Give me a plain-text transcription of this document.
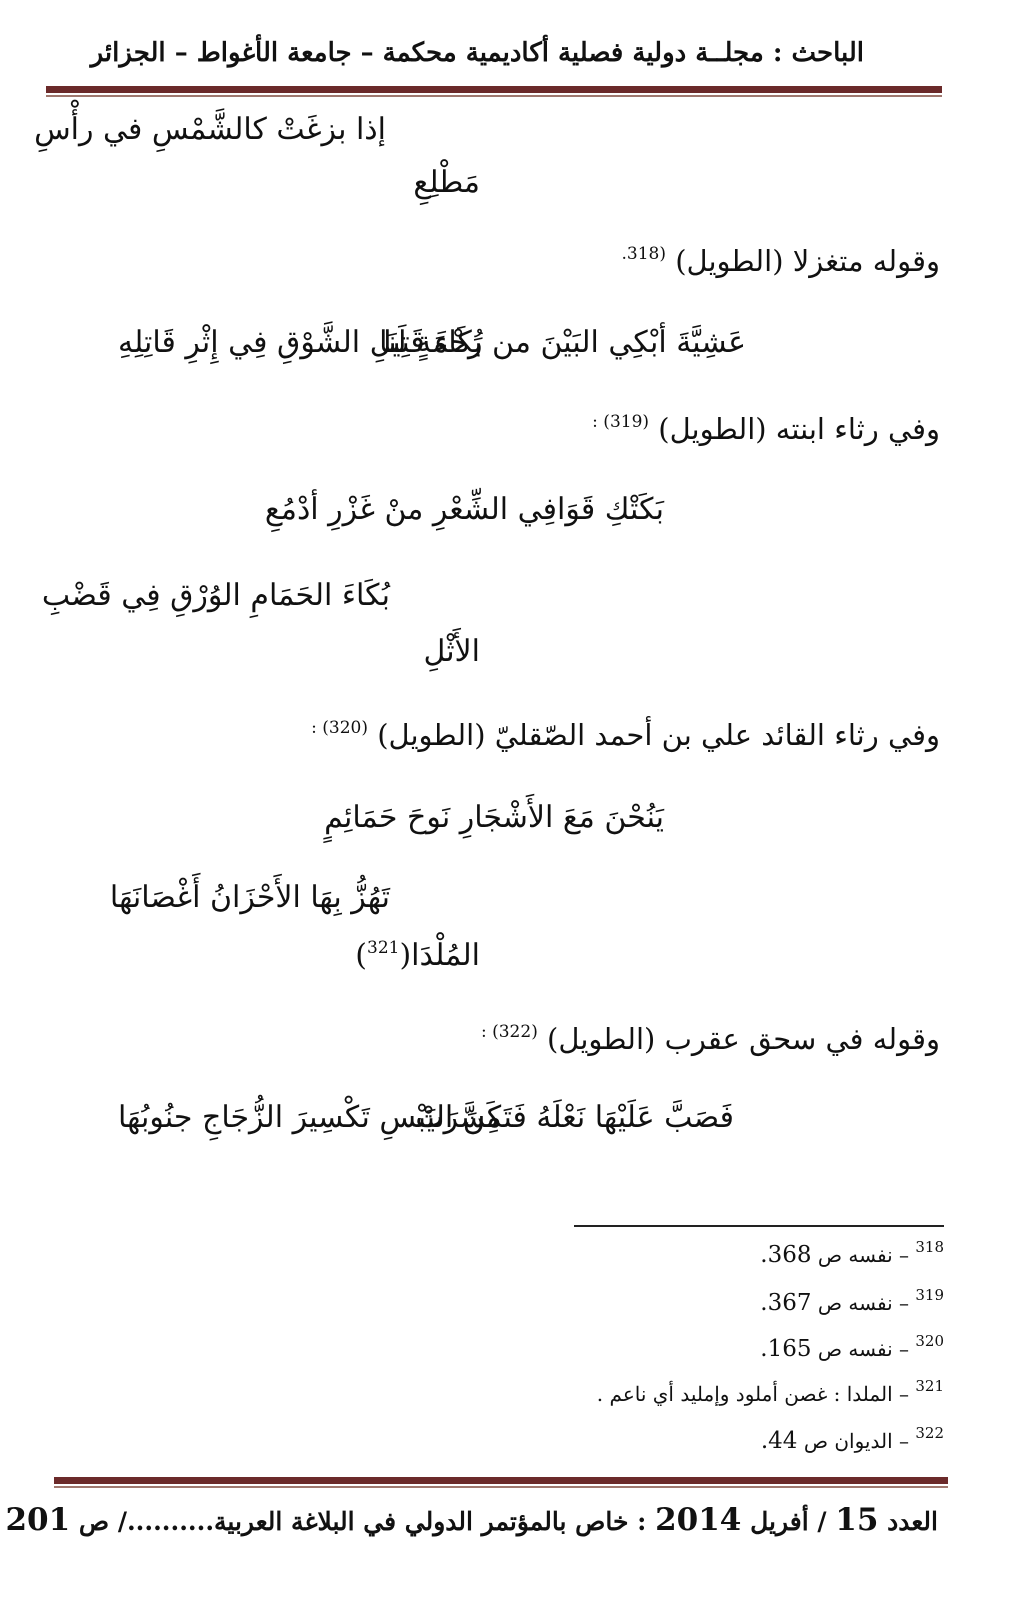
الباحث : مجلــة دولية فصلية أكاديمية محكمة – جامعة الأغواط – الجزائر
إذا بزغَتْ كالشَّمْسِ في رأْسِ
مَطْلِعِ
وقوله متغزلا (الطويل) $^{(318.}$
عَشِيَّةَ أبْكِي البَيْنَ من رَحْمَةٍ لَنَا
بُكَاءَ قَتِيلِ الشَّوْقِ فِي إِثْرِ قَاتِلِهِ
وفي رثاء ابنته (الطويل) $^{(319) :}$
بَكَتْكِ قَوَافِي الشِّعْرِ منْ غَزْرِ أدْمُعِ
بُكَاءَ الحَمَامِ الوُرْقِ فِي قَضْبِ
الأَثْلِ
وفي رثاء القائد علي بن أحمد الصّقليّ (الطويل) $^{(320) :}$
يَنُحْنَ مَعَ الأَشْجَارِ نَوحَ حَمَائِمٍ
تَهُزُّ بِهَا الأَحْزَانُ أَغْصَانَهَا
المُلْدَا($^{321}$)
وقوله في سحق عقرب (الطويل) $^{(322) :}$
فَصَبَّ عَلَيْهَا نَعْلَهُ فَتَكَسَّرَتْ
مِنَ اليَبْسِ تَكْسِيرَ الزُّجَاجِ جنُوبُهَا
$^{318}$ – نفسه ص 368.
$^{319}$ – نفسه ص 367.
$^{320}$ – نفسه ص 165.
$^{321}$ – الملدا : غصن أملود وإمليد أي ناعم .
$^{322}$ – الديوان ص 44.
العدد 15 / أفريل 2014 : خاص بالمؤتمر الدولي في البلاغة العربية........../ ص 201
